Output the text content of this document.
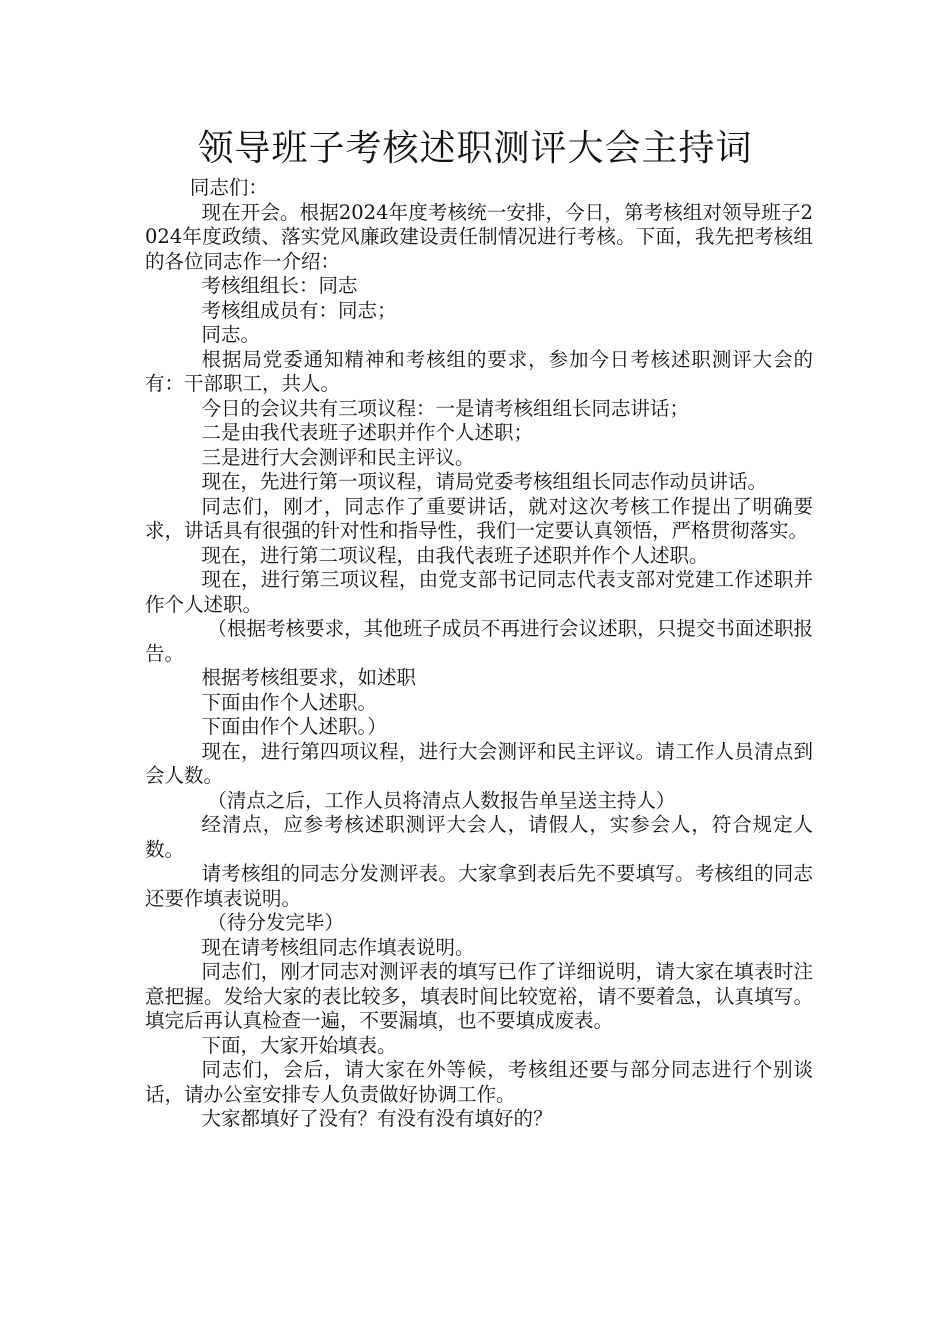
领导班子考核述职测评大会主持词

同志们：

现在开会。根据2024年度考核统一安排，今日，第考核组对领导班子2024年度政绩、落实党风廉政建设责任制情况进行考核。下面，我先把考核组的各位同志作一介绍：

考核组组长：同志

考核组成员有：同志；

同志。

根据局党委通知精神和考核组的要求，参加今日考核述职测评大会的有：干部职工，共人。

今日的会议共有三项议程：一是请考核组组长同志讲话；

二是由我代表班子述职并作个人述职；

三是进行大会测评和民主评议。

现在，先进行第一项议程，请局党委考核组组长同志作动员讲话。

同志们，刚才，同志作了重要讲话，就对这次考核工作提出了明确要求，讲话具有很强的针对性和指导性，我们一定要认真领悟，严格贯彻落实。

现在，进行第二项议程，由我代表班子述职并作个人述职。

现在，进行第三项议程，由党支部书记同志代表支部对党建工作述职并作个人述职。

（根据考核要求，其他班子成员不再进行会议述职，只提交书面述职报告。

根据考核组要求，如述职

下面由作个人述职。

下面由作个人述职。）

现在，进行第四项议程，进行大会测评和民主评议。请工作人员清点到会人数。

（清点之后，工作人员将清点人数报告单呈送主持人）

经清点，应参考核述职测评大会人，请假人，实参会人，符合规定人数。

请考核组的同志分发测评表。大家拿到表后先不要填写。考核组的同志还要作填表说明。

（待分发完毕）

现在请考核组同志作填表说明。

同志们，刚才同志对测评表的填写已作了详细说明，请大家在填表时注意把握。发给大家的表比较多，填表时间比较宽裕，请不要着急，认真填写。填完后再认真检查一遍，不要漏填，也不要填成废表。

下面，大家开始填表。

同志们，会后，请大家在外等候，考核组还要与部分同志进行个别谈话，请办公室安排专人负责做好协调工作。

大家都填好了没有？有没有没有填好的？
